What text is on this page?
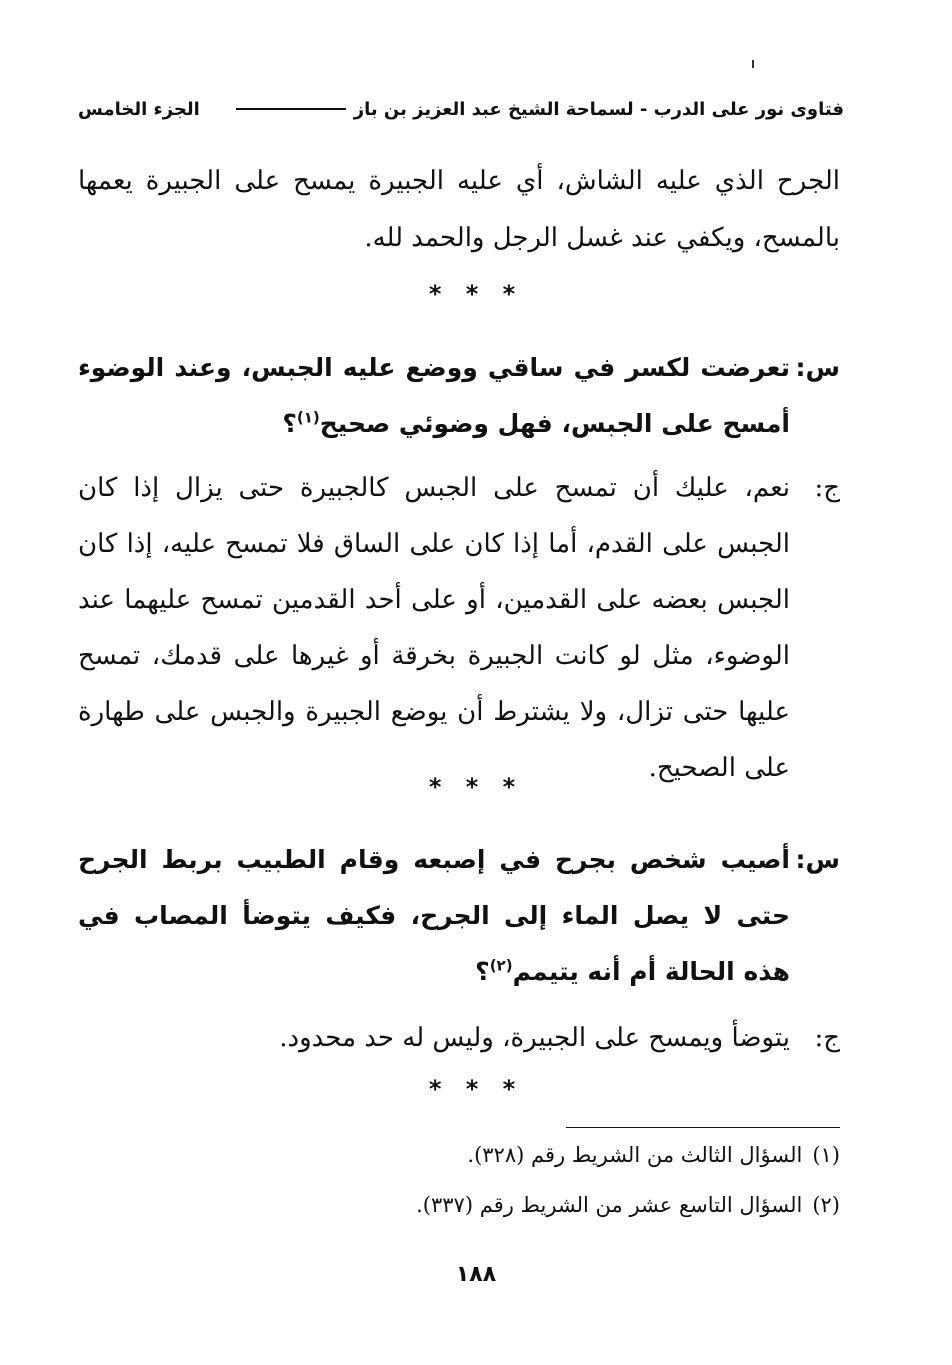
فتاوى نور على الدرب - لسماحة الشيخ عبد العزيز بن باز
الجزء الخامس
الجرح الذي عليه الشاش، أي عليه الجبيرة يمسح على الجبيرة يعمها بالمسح، ويكفي عند غسل الرجل والحمد لله.
* * *
س:
تعرضت لكسر في ساقي ووضع عليه الجبس، وعند الوضوء أمسح على الجبس، فهل وضوئي صحيح$^{(١)}$؟
ج:
نعم، عليك أن تمسح على الجبس كالجبيرة حتى يزال إذا كان الجبس على القدم، أما إذا كان على الساق فلا تمسح عليه، إذا كان الجبس بعضه على القدمين، أو على أحد القدمين تمسح عليهما عند الوضوء، مثل لو كانت الجبيرة بخرقة أو غيرها على قدمك، تمسح عليها حتى تزال، ولا يشترط أن يوضع الجبيرة والجبس على طهارة على الصحيح.
* * *
س:
أصيب شخص بجرح في إصبعه وقام الطبيب بربط الجرح حتى لا يصل الماء إلى الجرح، فكيف يتوضأ المصاب في هذه الحالة أم أنه يتيمم$^{(٢)}$؟
ج:
يتوضأ ويمسح على الجبيرة، وليس له حد محدود.
* * *
(١)السؤال الثالث من الشريط رقم (٣٢٨).
(٢)السؤال التاسع عشر من الشريط رقم (٣٣٧).
١٨٨
